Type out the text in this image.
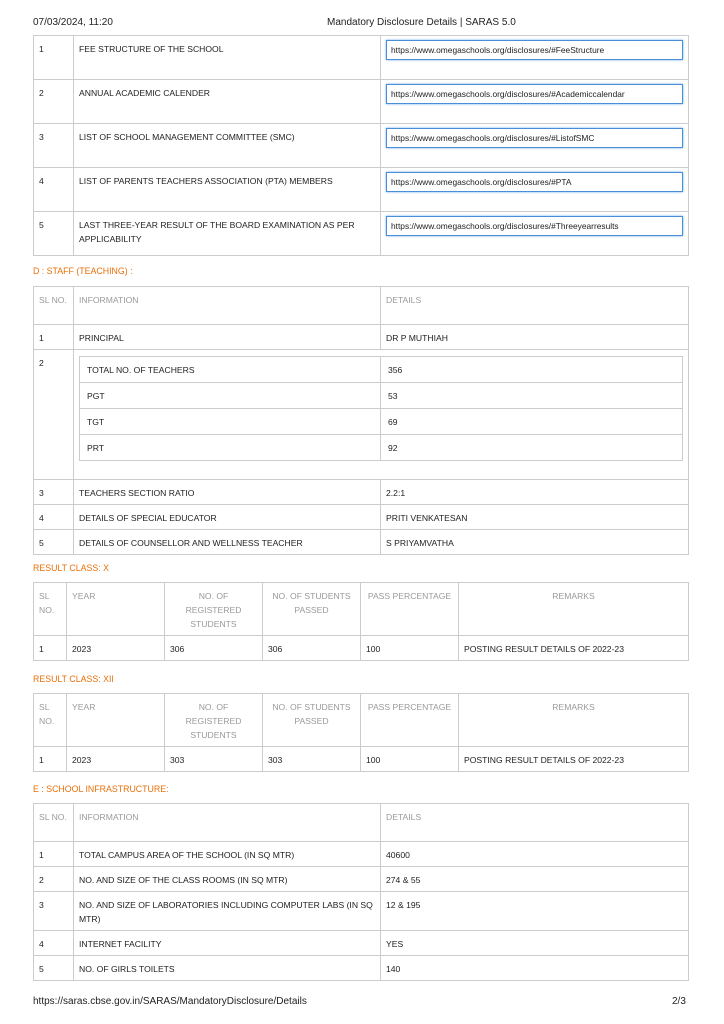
07/03/2024, 11:20	Mandatory Disclosure Details | SARAS 5.0
1	FEE STRUCTURE OF THE SCHOOL	https://www.omegaschools.org/disclosures/#FeeStructure

2	ANNUAL ACADEMIC CALENDER	https://www.omegaschools.org/disclosures/#Academiccalendar

3	LIST OF SCHOOL MANAGEMENT COMMITTEE (SMC)	https://www.omegaschools.org/disclosures/#ListofSMC

4	LIST OF PARENTS TEACHERS ASSOCIATION (PTA) MEMBERS	https://www.omegaschools.org/disclosures/#PTA

5	LAST THREE-YEAR RESULT OF THE BOARD EXAMINATION AS PER APPLICABILITY	https://www.omegaschools.org/disclosures/#Threeyearresults
D : STAFF (TEACHING) :
SL NO.	INFORMATION	DETAILS
1	PRINCIPAL	DR P MUTHIAH
2	
TOTAL NO. OF TEACHERS	356
PGT	53
TGT	69
PRT	92

3	TEACHERS SECTION RATIO	2.2:1
4	DETAILS OF SPECIAL EDUCATOR	PRITI VENKATESAN
5	DETAILS OF COUNSELLOR AND WELLNESS TEACHER	S PRIYAMVATHA
RESULT CLASS: X
SL NO.	YEAR	NO. OF REGISTERED STUDENTS	NO. OF STUDENTS PASSED	PASS PERCENTAGE	REMARKS
1	2023	306	306	100	POSTING RESULT DETAILS OF 2022-23
RESULT CLASS: XII
SL NO.	YEAR	NO. OF REGISTERED STUDENTS	NO. OF STUDENTS PASSED	PASS PERCENTAGE	REMARKS
1	2023	303	303	100	POSTING RESULT DETAILS OF 2022-23
E : SCHOOL INFRASTRUCTURE:
SL NO.	INFORMATION	DETAILS
1	TOTAL CAMPUS AREA OF THE SCHOOL (IN SQ MTR)	40600
2	NO. AND SIZE OF THE CLASS ROOMS (IN SQ MTR)	274 & 55
3	NO. AND SIZE OF LABORATORIES INCLUDING COMPUTER LABS (IN SQ MTR)	12 & 195
4	INTERNET FACILITY	YES
5	NO. OF GIRLS TOILETS	140
https://saras.cbse.gov.in/SARAS/MandatoryDisclosure/Details	2/3
